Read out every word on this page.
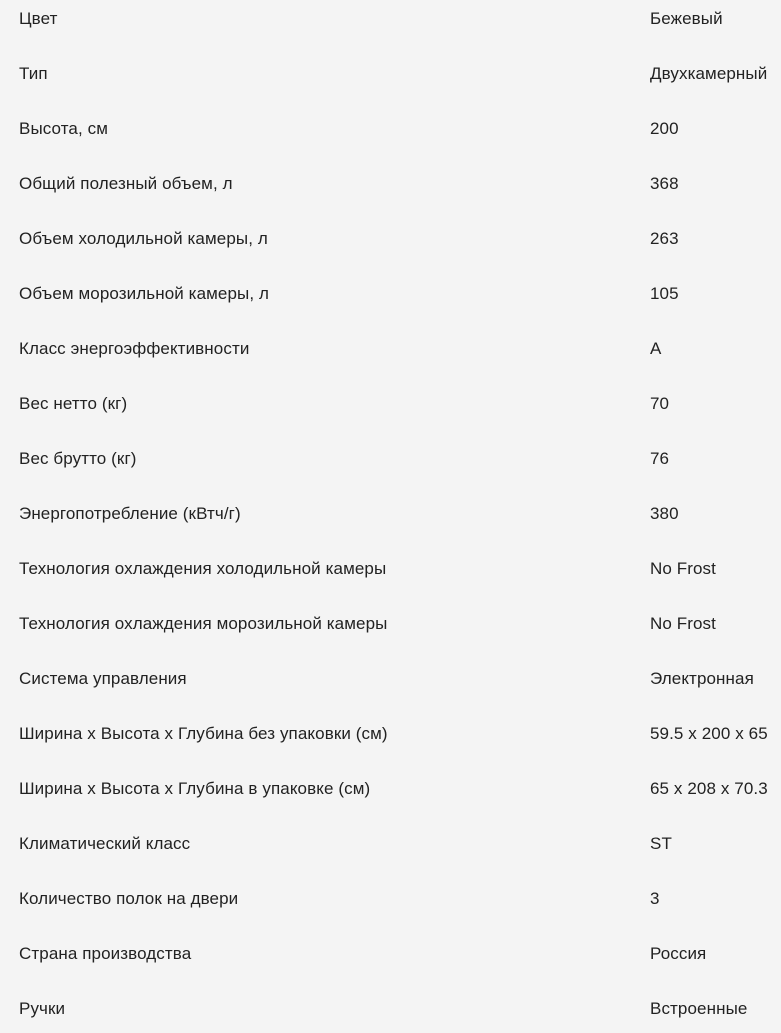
Цвет	Бежевый
Тип	Двухкамерный
Высота, см	200
Общий полезный объем, л	368
Объем холодильной камеры, л	263
Объем морозильной камеры, л	105
Класс энергоэффективности	A
Вес нетто (кг)	70
Вес брутто (кг)	76
Энергопотребление (кВтч/г)	380
Технология охлаждения холодильной камеры	No Frost
Технология охлаждения морозильной камеры	No Frost
Система управления	Электронная
Ширина x Высота x Глубина без упаковки (см)	59.5 x 200 x 65
Ширина x Высота x Глубина в упаковке (см)	65 x 208 x 70.3
Климатический класс	ST
Количество полок на двери	3
Страна производства	Россия
Ручки	Встроенные
